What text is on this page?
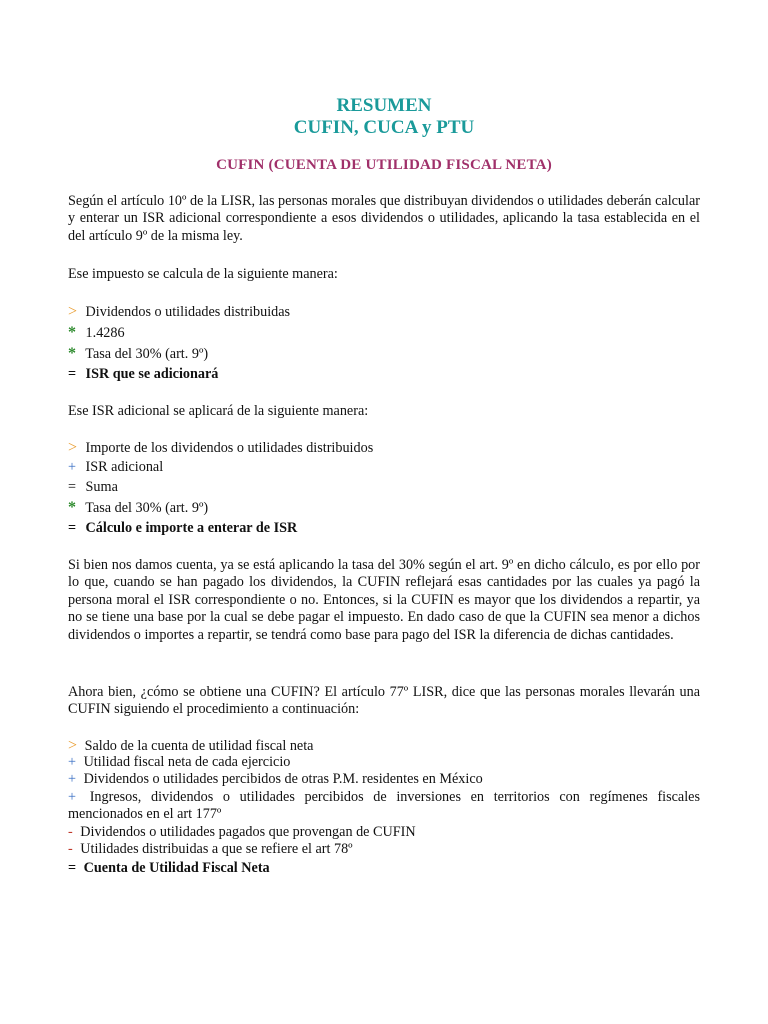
RESUMEN
CUFIN, CUCA y PTU
CUFIN (CUENTA DE UTILIDAD FISCAL NETA)
Según el artículo 10º de la LISR, las personas morales que distribuyan dividendos o utilidades deberán calcular y enterar un ISR adicional correspondiente a esos dividendos o utilidades, aplicando la tasa establecida en el del artículo 9º de la misma ley.
Ese impuesto se calcula de la siguiente manera:
> Dividendos o utilidades distribuidas
* 1.4286
* Tasa del 30% (art. 9º)
= ISR que se adicionará
Ese ISR adicional se aplicará de la siguiente manera:
> Importe de los dividendos o utilidades distribuidos
+ ISR adicional
= Suma
* Tasa del 30% (art. 9º)
= Cálculo e importe a enterar de ISR
Si bien nos damos cuenta, ya se está aplicando la tasa del 30% según el art. 9º en dicho cálculo, es por ello por lo que, cuando se han pagado los dividendos, la CUFIN reflejará esas cantidades por las cuales ya pagó la persona moral el ISR correspondiente o no. Entonces, si la CUFIN es mayor que los dividendos a repartir, ya no se tiene una base por la cual se debe pagar el impuesto. En dado caso de que la CUFIN sea menor a dichos dividendos o importes a repartir, se tendrá como base para pago del ISR la diferencia de dichas cantidades.
Ahora bien, ¿cómo se obtiene una CUFIN? El artículo 77º LISR, dice que las personas morales llevarán una CUFIN siguiendo el procedimiento a continuación:
> Saldo de la cuenta de utilidad fiscal neta
+ Utilidad fiscal neta de cada ejercicio
+ Dividendos o utilidades percibidos de otras P.M. residentes en México
+ Ingresos, dividendos o utilidades percibidos de inversiones en territorios con regímenes fiscales mencionados en el art 177º
- Dividendos o utilidades pagados que provengan de CUFIN
- Utilidades distribuidas a que se refiere el art 78º
= Cuenta de Utilidad Fiscal Neta
